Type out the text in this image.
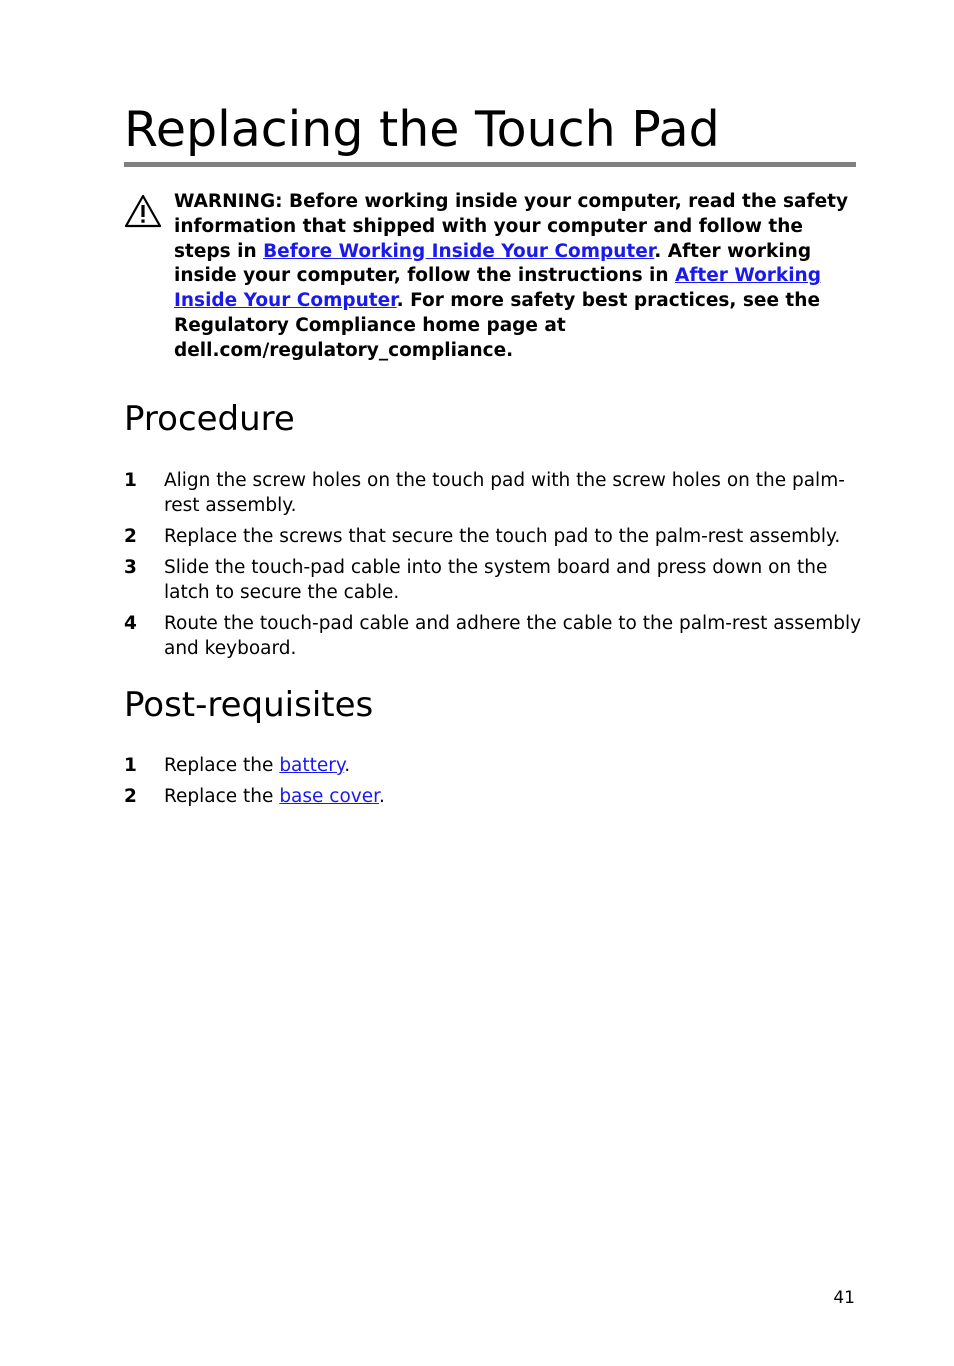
Replacing the Touch Pad

WARNING: Before working inside your computer, read the safety information that shipped with your computer and follow the steps in Before Working Inside Your Computer. After working inside your computer, follow the instructions in After Working Inside Your Computer. For more safety best practices, see the Regulatory Compliance home page at dell.com/regulatory_compliance.

Procedure
1 Align the screw holes on the touch pad with the screw holes on the palm-rest assembly.
2 Replace the screws that secure the touch pad to the palm-rest assembly.
3 Slide the touch-pad cable into the system board and press down on the latch to secure the cable.
4 Route the touch-pad cable and adhere the cable to the palm-rest assembly and keyboard.
Post-requisites
1 Replace the battery.
2 Replace the base cover.
41
